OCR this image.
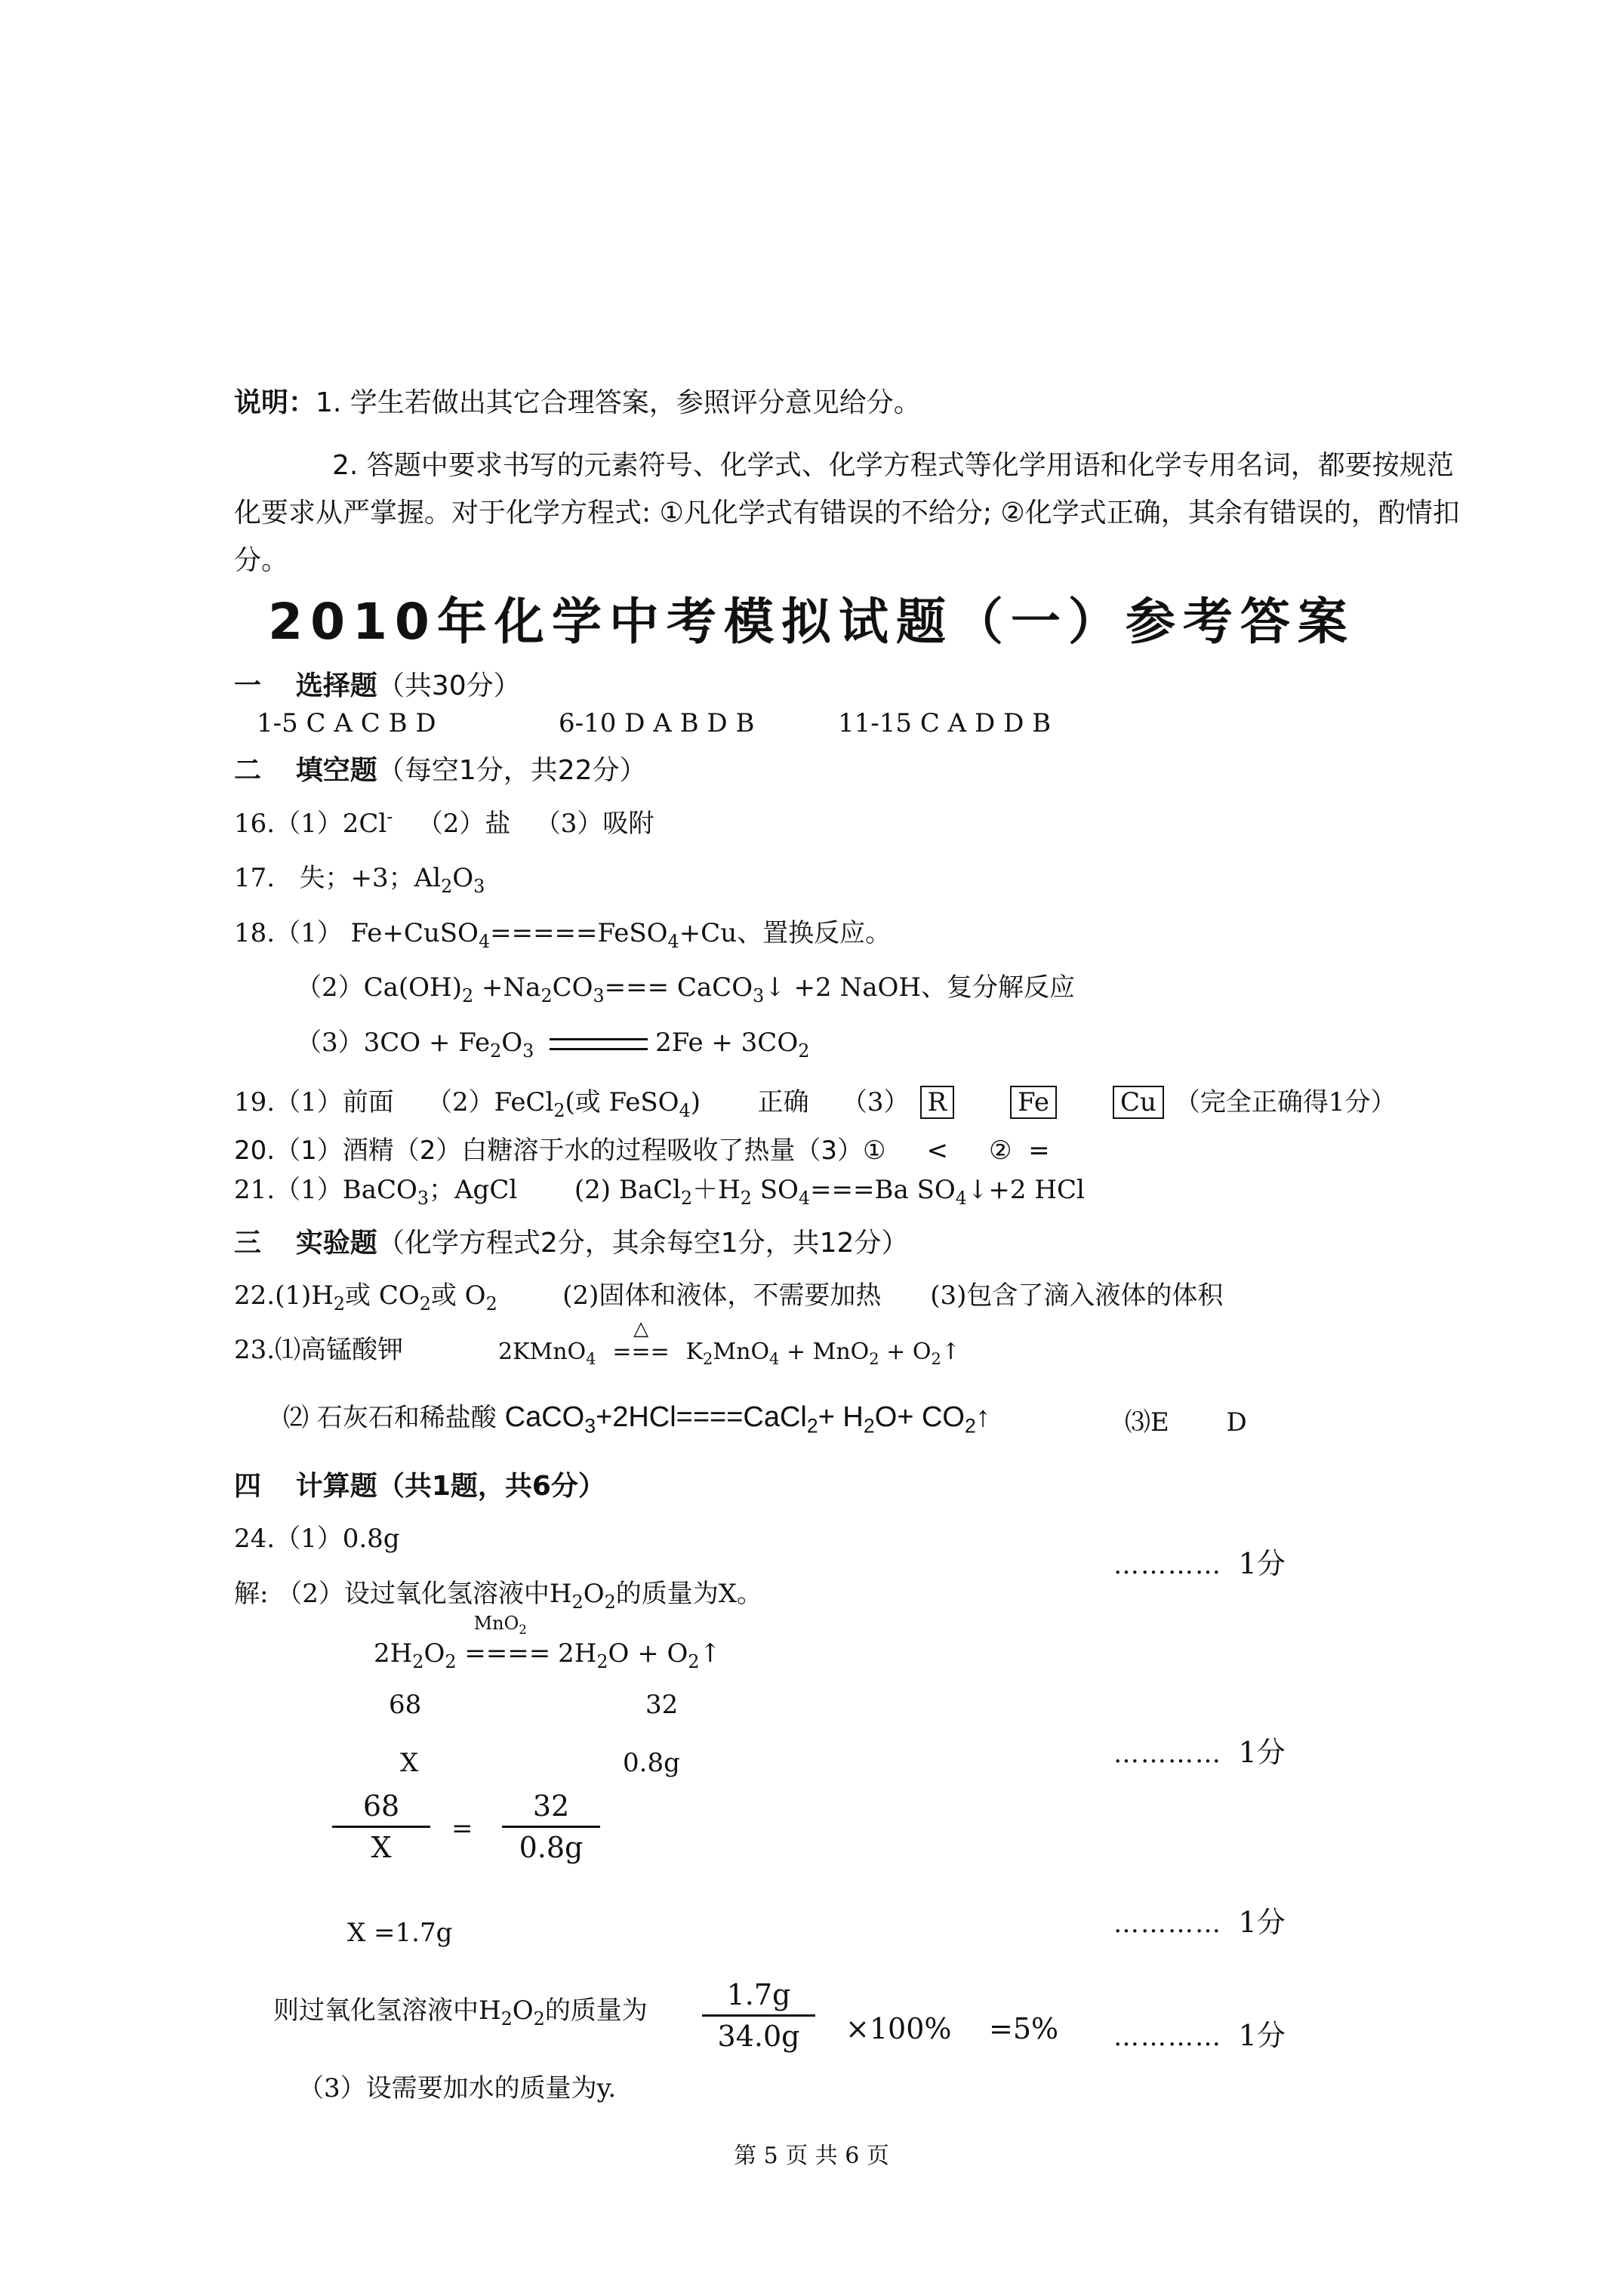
说明：1. 学生若做出其它合理答案，参照评分意见给分。
2. 答题中要求书写的元素符号、化学式、化学方程式等化学用语和化学专用名词，都要按规范化要求从严掌握。对于化学方程式: ①凡化学式有错误的不给分; ②化学式正确，其余有错误的，酌情扣分。
2010年化学中考模拟试题（一）参考答案
一 选择题（共30分）
1-5 C A C B D	6-10 D A B D B	11-15 C A D D B
二 填空题（每空1分，共22分）
16.（1）2Cl- （2）盐 （3）吸附
17. 失；+3；$Al_2O_3$
18.（1） Fe+CuSO$_4$=====FeSO$_4$+Cu、置换反应。
$(2)Ca(OH)_2 +Na_2CO_3===$ CaCO$_3$↓ +2 NaOH、复分解反应
$(3)3CO + Fe_2O_3$	$2Fe + 3CO_2$
19.（1）前面 （2）FeCl$_2$(或 FeSO$_4$) 正确 （3） R	Fe	Cu （完全正确得1分）
20.（1）酒精（2）白糖溶于水的过程吸收了热量（3）① < ② =
21.（1）BaCO$_3$；AgCl (2) $BaCl_2+H_2$ $SO_4===Ba$ $SO_4↓+2$ HCl
三 实验题（化学方程式2分，其余每空1分，共12分）
$22.(1)H_2$或 $CO_2$或 $O_2$	(2)固体和液体，不需要加热 (3)包含了滴入液体的体积
23.⑴高锰酸钾	2KMnO$_4$
△
=== $K_2MnO_4 + MnO_2$ + $O_2↑$
⑵ 石灰石和稀盐酸 CaCO$_3$+2HCl====CaCl$_2$+ $H_2O+$ $CO_2↑$	⑶E D
四 计算题（共1题，共6分）
24.（1）0.8g
………… 1分
解: （2）设过氧化氢溶液中$H_2O_2$的质量为X。
$2H_2O_2$
MnO$_2$
==== $2H_2O$ + $O_2↑$
68	32
X	0.8g	………… 1分
68
X
=
32
0.8g
X =1.7g	………… 1分
则过氧化氢溶液中$H_2O_2$的质量为	1.7g
34.0g	×100% =5% ………… 1分
（3）设需要加水的质量为y.
第 5 页 共 6 页
